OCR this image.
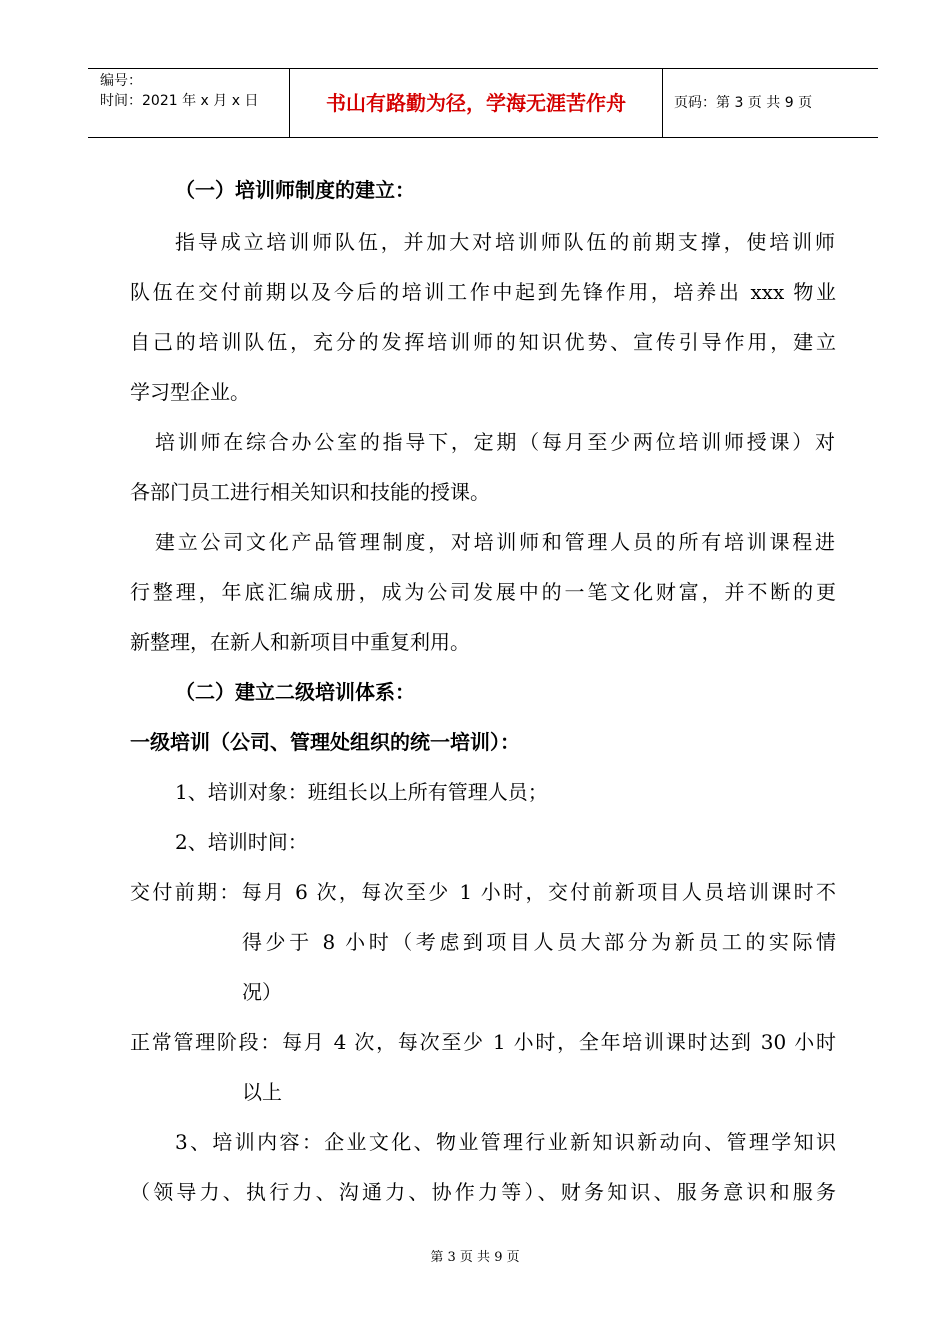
编号：
时间：2021 年 x 月 x 日	书山有路勤为径，学海无涯苦作舟	页码：第 3 页 共 9 页
（一）培训师制度的建立：
指导成立培训师队伍，并加大对培训师队伍的前期支撑，使培训师
队伍在交付前期以及今后的培训工作中起到先锋作用，培养出 xxx 物业
自己的培训队伍，充分的发挥培训师的知识优势、宣传引导作用，建立
学习型企业。
培训师在综合办公室的指导下，定期（每月至少两位培训师授课）对
各部门员工进行相关知识和技能的授课。
建立公司文化产品管理制度，对培训师和管理人员的所有培训课程进
行整理，年底汇编成册，成为公司发展中的一笔文化财富，并不断的更
新整理，在新人和新项目中重复利用。
（二）建立二级培训体系：
一级培训（公司、管理处组织的统一培训）：
1、培训对象：班组长以上所有管理人员；
2、培训时间：
交付前期：每月 6 次，每次至少 1 小时，交付前新项目人员培训课时不
得少于 8 小时（考虑到项目人员大部分为新员工的实际情
况）
正常管理阶段：每月 4 次，每次至少 1 小时，全年培训课时达到 30 小时
以上
3、培训内容：企业文化、物业管理行业新知识新动向、管理学知识
（领导力、执行力、沟通力、协作力等）、财务知识、服务意识和服务
第 3 页 共 9 页
